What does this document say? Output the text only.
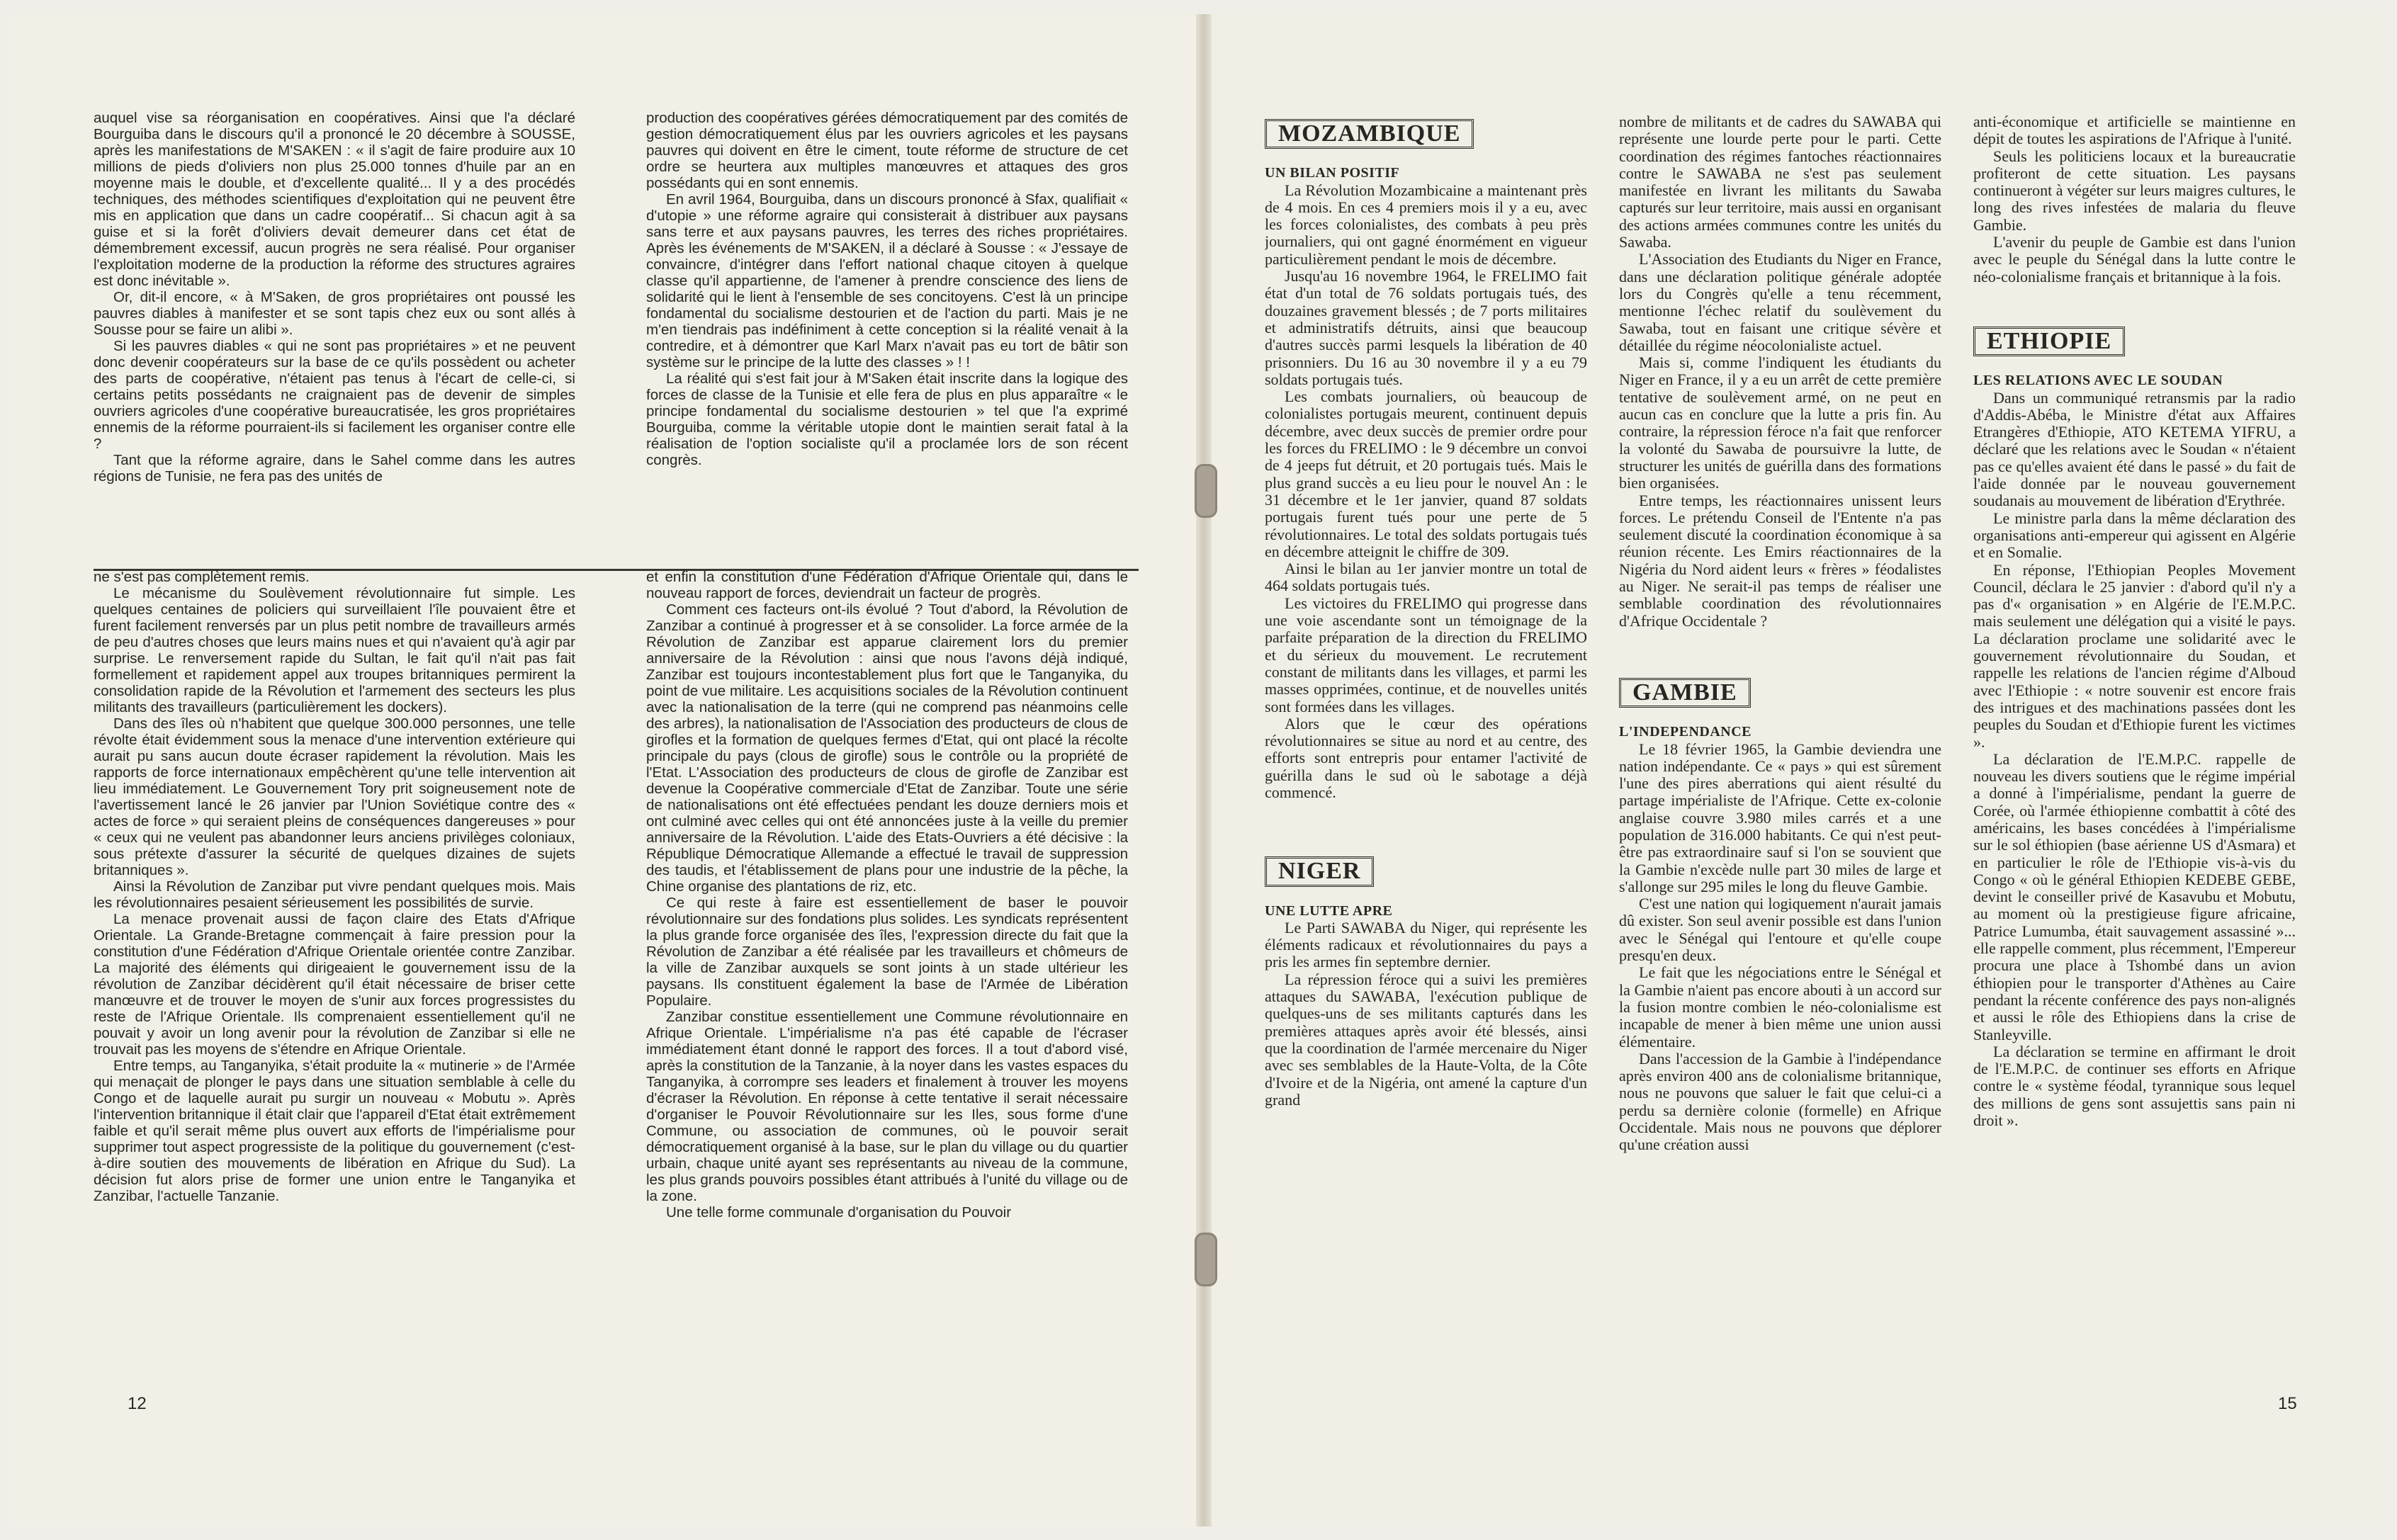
auquel vise sa réorganisation en coopératives. Ainsi que l'a déclaré Bourguiba dans le discours qu'il a prononcé le 20 décembre à SOUSSE, après les manifestations de M'SAKEN : « il s'agit de faire produire aux 10 millions de pieds d'oliviers non plus 25.000 tonnes d'huile par an en moyenne mais le double, et d'excellente qualité... Il y a des procédés techniques, des méthodes scientifiques d'exploitation qui ne peuvent être mis en application que dans un cadre coopératif... Si chacun agit à sa guise et si la forêt d'oliviers devait demeurer dans cet état de démembrement excessif, aucun progrès ne sera réalisé. Pour organiser l'exploitation moderne de la production la réforme des structures agraires est donc inévitable ».

Or, dit-il encore, « à M'Saken, de gros propriétaires ont poussé les pauvres diables à manifester et se sont tapis chez eux ou sont allés à Sousse pour se faire un alibi ».

Si les pauvres diables « qui ne sont pas propriétaires » et ne peuvent donc devenir coopérateurs sur la base de ce qu'ils possèdent ou acheter des parts de coopérative, n'étaient pas tenus à l'écart de celle-ci, si certains petits possédants ne craignaient pas de devenir de simples ouvriers agricoles d'une coopérative bureaucratisée, les gros propriétaires ennemis de la réforme pourraient-ils si facilement les organiser contre elle ?

Tant que la réforme agraire, dans le Sahel comme dans les autres régions de Tunisie, ne fera pas des unités de

production des coopératives gérées démocratiquement par des comités de gestion démocratiquement élus par les ouvriers agricoles et les paysans pauvres qui doivent en être le ciment, toute réforme de structure de cet ordre se heurtera aux multiples manœuvres et attaques des gros possédants qui en sont ennemis.

En avril 1964, Bourguiba, dans un discours prononcé à Sfax, qualifiait « d'utopie » une réforme agraire qui consisterait à distribuer aux paysans sans terre et aux paysans pauvres, les terres des riches propriétaires. Après les événements de M'SAKEN, il a déclaré à Sousse : « J'essaye de convaincre, d'intégrer dans l'effort national chaque citoyen à quelque classe qu'il appartienne, de l'amener à prendre conscience des liens de solidarité qui le lient à l'ensemble de ses concitoyens. C'est là un principe fondamental du socialisme destourien et de l'action du parti. Mais je ne m'en tiendrais pas indéfiniment à cette conception si la réalité venait à la contredire, et à démontrer que Karl Marx n'avait pas eu tort de bâtir son système sur le principe de la lutte des classes » ! !

La réalité qui s'est fait jour à M'Saken était inscrite dans la logique des forces de classe de la Tunisie et elle fera de plus en plus apparaître « le principe fondamental du socialisme destourien » tel que l'a exprimé Bourguiba, comme la véritable utopie dont le maintien serait fatal à la réalisation de l'option socialiste qu'il a proclamée lors de son récent congrès.

ne s'est pas complètement remis.

Le mécanisme du Soulèvement révolutionnaire fut simple. Les quelques centaines de policiers qui surveillaient l'île pouvaient être et furent facilement renversés par un plus petit nombre de travailleurs armés de peu d'autres choses que leurs mains nues et qui n'avaient qu'à agir par surprise. Le renversement rapide du Sultan, le fait qu'il n'ait pas fait formellement et rapidement appel aux troupes britanniques permirent la consolidation rapide de la Révolution et l'armement des secteurs les plus militants des travailleurs (particulièrement les dockers).

Dans des îles où n'habitent que quelque 300.000 personnes, une telle révolte était évidemment sous la menace d'une intervention extérieure qui aurait pu sans aucun doute écraser rapidement la révolution. Mais les rapports de force internationaux empêchèrent qu'une telle intervention ait lieu immédiatement. Le Gouvernement Tory prit soigneusement note de l'avertissement lancé le 26 janvier par l'Union Soviétique contre des « actes de force » qui seraient pleins de conséquences dangereuses » pour « ceux qui ne veulent pas abandonner leurs anciens privilèges coloniaux, sous prétexte d'assurer la sécurité de quelques dizaines de sujets britanniques ».

Ainsi la Révolution de Zanzibar put vivre pendant quelques mois. Mais les révolutionnaires pesaient sérieusement les possibilités de survie.

La menace provenait aussi de façon claire des Etats d'Afrique Orientale. La Grande-Bretagne commençait à faire pression pour la constitution d'une Fédération d'Afrique Orientale orientée contre Zanzibar. La majorité des éléments qui dirigeaient le gouvernement issu de la révolution de Zanzibar décidèrent qu'il était nécessaire de briser cette manœuvre et de trouver le moyen de s'unir aux forces progressistes du reste de l'Afrique Orientale. Ils comprenaient essentiellement qu'il ne pouvait y avoir un long avenir pour la révolution de Zanzibar si elle ne trouvait pas les moyens de s'étendre en Afrique Orientale.

Entre temps, au Tanganyika, s'était produite la « mutinerie » de l'Armée qui menaçait de plonger le pays dans une situation semblable à celle du Congo et de laquelle aurait pu surgir un nouveau « Mobutu ». Après l'intervention britannique il était clair que l'appareil d'Etat était extrêmement faible et qu'il serait même plus ouvert aux efforts de l'impérialisme pour supprimer tout aspect progressiste de la politique du gouvernement (c'est-à-dire soutien des mouvements de libération en Afrique du Sud). La décision fut alors prise de former une union entre le Tanganyika et Zanzibar, l'actuelle Tanzanie.

et enfin la constitution d'une Fédération d'Afrique Orientale qui, dans le nouveau rapport de forces, deviendrait un facteur de progrès.

Comment ces facteurs ont-ils évolué ? Tout d'abord, la Révolution de Zanzibar a continué à progresser et à se consolider. La force armée de la Révolution de Zanzibar est apparue clairement lors du premier anniversaire de la Révolution : ainsi que nous l'avons déjà indiqué, Zanzibar est toujours incontestablement plus fort que le Tanganyika, du point de vue militaire. Les acquisitions sociales de la Révolution continuent avec la nationalisation de la terre (qui ne comprend pas néanmoins celle des arbres), la nationalisation de l'Association des producteurs de clous de girofles et la formation de quelques fermes d'Etat, qui ont placé la récolte principale du pays (clous de girofle) sous le contrôle ou la propriété de l'Etat. L'Association des producteurs de clous de girofle de Zanzibar est devenue la Coopérative commerciale d'Etat de Zanzibar. Toute une série de nationalisations ont été effectuées pendant les douze derniers mois et ont culminé avec celles qui ont été annoncées juste à la veille du premier anniversaire de la Révolution. L'aide des Etats-Ouvriers a été décisive : la République Démocratique Allemande a effectué le travail de suppression des taudis, et l'établissement de plans pour une industrie de la pêche, la Chine organise des plantations de riz, etc.

Ce qui reste à faire est essentiellement de baser le pouvoir révolutionnaire sur des fondations plus solides. Les syndicats représentent la plus grande force organisée des îles, l'expression directe du fait que la Révolution de Zanzibar a été réalisée par les travailleurs et chômeurs de la ville de Zanzibar auxquels se sont joints à un stade ultérieur les paysans. Ils constituent également la base de l'Armée de Libération Populaire.

Zanzibar constitue essentiellement une Commune révolutionnaire en Afrique Orientale. L'impérialisme n'a pas été capable de l'écraser immédiatement étant donné le rapport des forces. Il a tout d'abord visé, après la constitution de la Tanzanie, à la noyer dans les vastes espaces du Tanganyika, à corrompre ses leaders et finalement à trouver les moyens d'écraser la Révolution. En réponse à cette tentative il serait nécessaire d'organiser le Pouvoir Révolutionnaire sur les Iles, sous forme d'une Commune, ou association de communes, où le pouvoir serait démocratiquement organisé à la base, sur le plan du village ou du quartier urbain, chaque unité ayant ses représentants au niveau de la commune, les plus grands pouvoirs possibles étant attribués à l'unité du village ou de la zone.

Une telle forme communale d'organisation du Pouvoir

12
MOZAMBIQUE

UN BILAN POSITIF

La Révolution Mozambicaine a maintenant près de 4 mois. En ces 4 premiers mois il y a eu, avec les forces colonialistes, des combats à peu près journaliers, qui ont gagné énormément en vigueur particulièrement pendant le mois de décembre.

Jusqu'au 16 novembre 1964, le FRELIMO fait état d'un total de 76 soldats portugais tués, des douzaines gravement blessés ; de 7 ports militaires et administratifs détruits, ainsi que beaucoup d'autres succès parmi lesquels la libération de 40 prisonniers. Du 16 au 30 novembre il y a eu 79 soldats portugais tués.

Les combats journaliers, où beaucoup de colonialistes portugais meurent, continuent depuis décembre, avec deux succès de premier ordre pour les forces du FRELIMO : le 9 décembre un convoi de 4 jeeps fut détruit, et 20 portugais tués. Mais le plus grand succès a eu lieu pour le nouvel An : le 31 décembre et le 1er janvier, quand 87 soldats portugais furent tués pour une perte de 5 révolutionnaires. Le total des soldats portugais tués en décembre atteignit le chiffre de 309.

Ainsi le bilan au 1er janvier montre un total de 464 soldats portugais tués.

Les victoires du FRELIMO qui progresse dans une voie ascendante sont un témoignage de la parfaite préparation de la direction du FRELIMO et du sérieux du mouvement. Le recrutement constant de militants dans les villages, et parmi les masses opprimées, continue, et de nouvelles unités sont formées dans les villages.

Alors que le cœur des opérations révolutionnaires se situe au nord et au centre, des efforts sont entrepris pour entamer l'activité de guérilla dans le sud où le sabotage a déjà commencé.

NIGER

UNE LUTTE APRE

Le Parti SAWABA du Niger, qui représente les éléments radicaux et révolutionnaires du pays a pris les armes fin septembre dernier.

La répression féroce qui a suivi les premières attaques du SAWABA, l'exécution publique de quelques-uns de ses militants capturés dans les premières attaques après avoir été blessés, ainsi que la coordination de l'armée mercenaire du Niger avec ses semblables de la Haute-Volta, de la Côte d'Ivoire et de la Nigéria, ont amené la capture d'un grand

nombre de militants et de cadres du SAWABA qui représente une lourde perte pour le parti. Cette coordination des régimes fantoches réactionnaires contre le SAWABA ne s'est pas seulement manifestée en livrant les militants du Sawaba capturés sur leur territoire, mais aussi en organisant des actions armées communes contre les unités du Sawaba.

L'Association des Etudiants du Niger en France, dans une déclaration politique générale adoptée lors du Congrès qu'elle a tenu récemment, mentionne l'échec relatif du soulèvement du Sawaba, tout en faisant une critique sévère et détaillée du régime néocolonialiste actuel.

Mais si, comme l'indiquent les étudiants du Niger en France, il y a eu un arrêt de cette première tentative de soulèvement armé, on ne peut en aucun cas en conclure que la lutte a pris fin. Au contraire, la répression féroce n'a fait que renforcer la volonté du Sawaba de poursuivre la lutte, de structurer les unités de guérilla dans des formations bien organisées.

Entre temps, les réactionnaires unissent leurs forces. Le prétendu Conseil de l'Entente n'a pas seulement discuté la coordination économique à sa réunion récente. Les Emirs réactionnaires de la Nigéria du Nord aident leurs « frères » féodalistes au Niger. Ne serait-il pas temps de réaliser une semblable coordination des révolutionnaires d'Afrique Occidentale ?

GAMBIE

L'INDEPENDANCE

Le 18 février 1965, la Gambie deviendra une nation indépendante. Ce « pays » qui est sûrement l'une des pires aberrations qui aient résulté du partage impérialiste de l'Afrique. Cette ex-colonie anglaise couvre 3.980 miles carrés et a une population de 316.000 habitants. Ce qui n'est peut-être pas extraordinaire sauf si l'on se souvient que la Gambie n'excède nulle part 30 miles de large et s'allonge sur 295 miles le long du fleuve Gambie.

C'est une nation qui logiquement n'aurait jamais dû exister. Son seul avenir possible est dans l'union avec le Sénégal qui l'entoure et qu'elle coupe presqu'en deux.

Le fait que les négociations entre le Sénégal et la Gambie n'aient pas encore abouti à un accord sur la fusion montre combien le néo-colonialisme est incapable de mener à bien même une union aussi élémentaire.

Dans l'accession de la Gambie à l'indépendance après environ 400 ans de colonialisme britannique, nous ne pouvons que saluer le fait que celui-ci a perdu sa dernière colonie (formelle) en Afrique Occidentale. Mais nous ne pouvons que déplorer qu'une création aussi

anti-économique et artificielle se maintienne en dépit de toutes les aspirations de l'Afrique à l'unité.

Seuls les politiciens locaux et la bureaucratie profiteront de cette situation. Les paysans continueront à végéter sur leurs maigres cultures, le long des rives infestées de malaria du fleuve Gambie.

L'avenir du peuple de Gambie est dans l'union avec le peuple du Sénégal dans la lutte contre le néo-colonialisme français et britannique à la fois.

ETHIOPIE

LES RELATIONS AVEC LE SOUDAN

Dans un communiqué retransmis par la radio d'Addis-Abéba, le Ministre d'état aux Affaires Etrangères d'Ethiopie, ATO KETEMA YIFRU, a déclaré que les relations avec le Soudan « n'étaient pas ce qu'elles avaient été dans le passé » du fait de l'aide donnée par le nouveau gouvernement soudanais au mouvement de libération d'Erythrée.

Le ministre parla dans la même déclaration des organisations anti-empereur qui agissent en Algérie et en Somalie.

En réponse, l'Ethiopian Peoples Movement Council, déclara le 25 janvier : d'abord qu'il n'y a pas d'« organisation » en Algérie de l'E.M.P.C. mais seulement une délégation qui a visité le pays. La déclaration proclame une solidarité avec le gouvernement révolutionnaire du Soudan, et rappelle les relations de l'ancien régime d'Alboud avec l'Ethiopie : « notre souvenir est encore frais des intrigues et des machinations passées dont les peuples du Soudan et d'Ethiopie furent les victimes ».

La déclaration de l'E.M.P.C. rappelle de nouveau les divers soutiens que le régime impérial a donné à l'impérialisme, pendant la guerre de Corée, où l'armée éthiopienne combattit à côté des américains, les bases concédées à l'impérialisme sur le sol éthiopien (base aérienne US d'Asmara) et en particulier le rôle de l'Ethiopie vis-à-vis du Congo « où le général Ethiopien KEDEBE GEBE, devint le conseiller privé de Kasavubu et Mobutu, au moment où la prestigieuse figure africaine, Patrice Lumumba, était sauvagement assassiné »... elle rappelle comment, plus récemment, l'Empereur procura une place à Tshombé dans un avion éthiopien pour le transporter d'Athènes au Caire pendant la récente conférence des pays non-alignés et aussi le rôle des Ethiopiens dans la crise de Stanleyville.

La déclaration se termine en affirmant le droit de l'E.M.P.C. de continuer ses efforts en Afrique contre le « système féodal, tyrannique sous lequel des millions de gens sont assujettis sans pain ni droit ».

15
